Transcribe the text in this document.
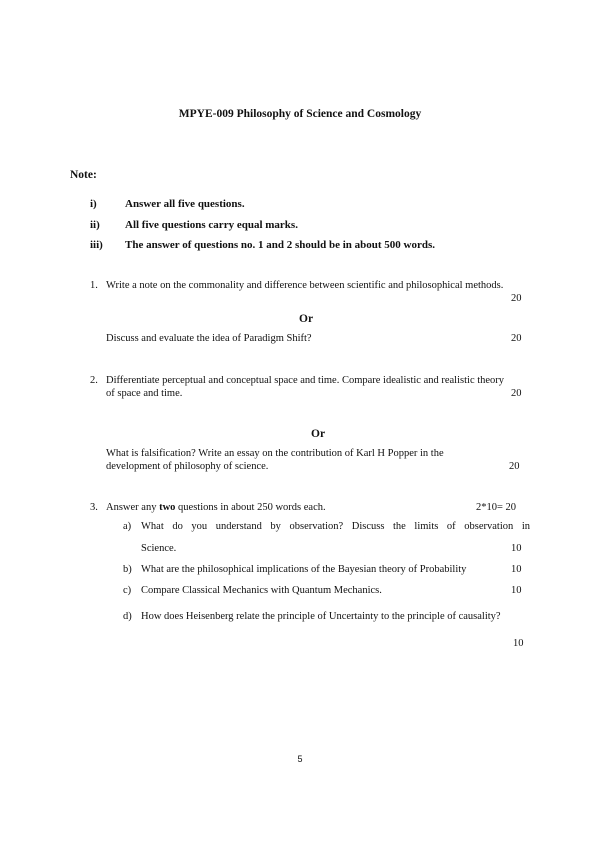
MPYE-009 Philosophy of Science and Cosmology
Note:
i)	Answer all five questions.
ii) All five questions carry equal marks.
iii) The answer of questions no. 1 and 2 should be in about 500 words.
1. Write a note on the commonality and difference between scientific and philosophical methods.
20
Or
Discuss and evaluate the idea of Paradigm Shift?	20
2. Differentiate perceptual and conceptual space and time. Compare idealistic and realistic theory
of space and time.	20
Or
What is falsification? Write an essay on the contribution of Karl H Popper in the
development of philosophy of science.	20
3. Answer any two questions in about 250 words each.	2*10= 20
a) What do you understand by observation? Discuss the limits of observation in
Science.	10
b) What are the philosophical implications of the Bayesian theory of Probability	10
c) Compare Classical Mechanics with Quantum Mechanics.	10
d) How does Heisenberg relate the principle of Uncertainty to the principle of causality?
10
5
